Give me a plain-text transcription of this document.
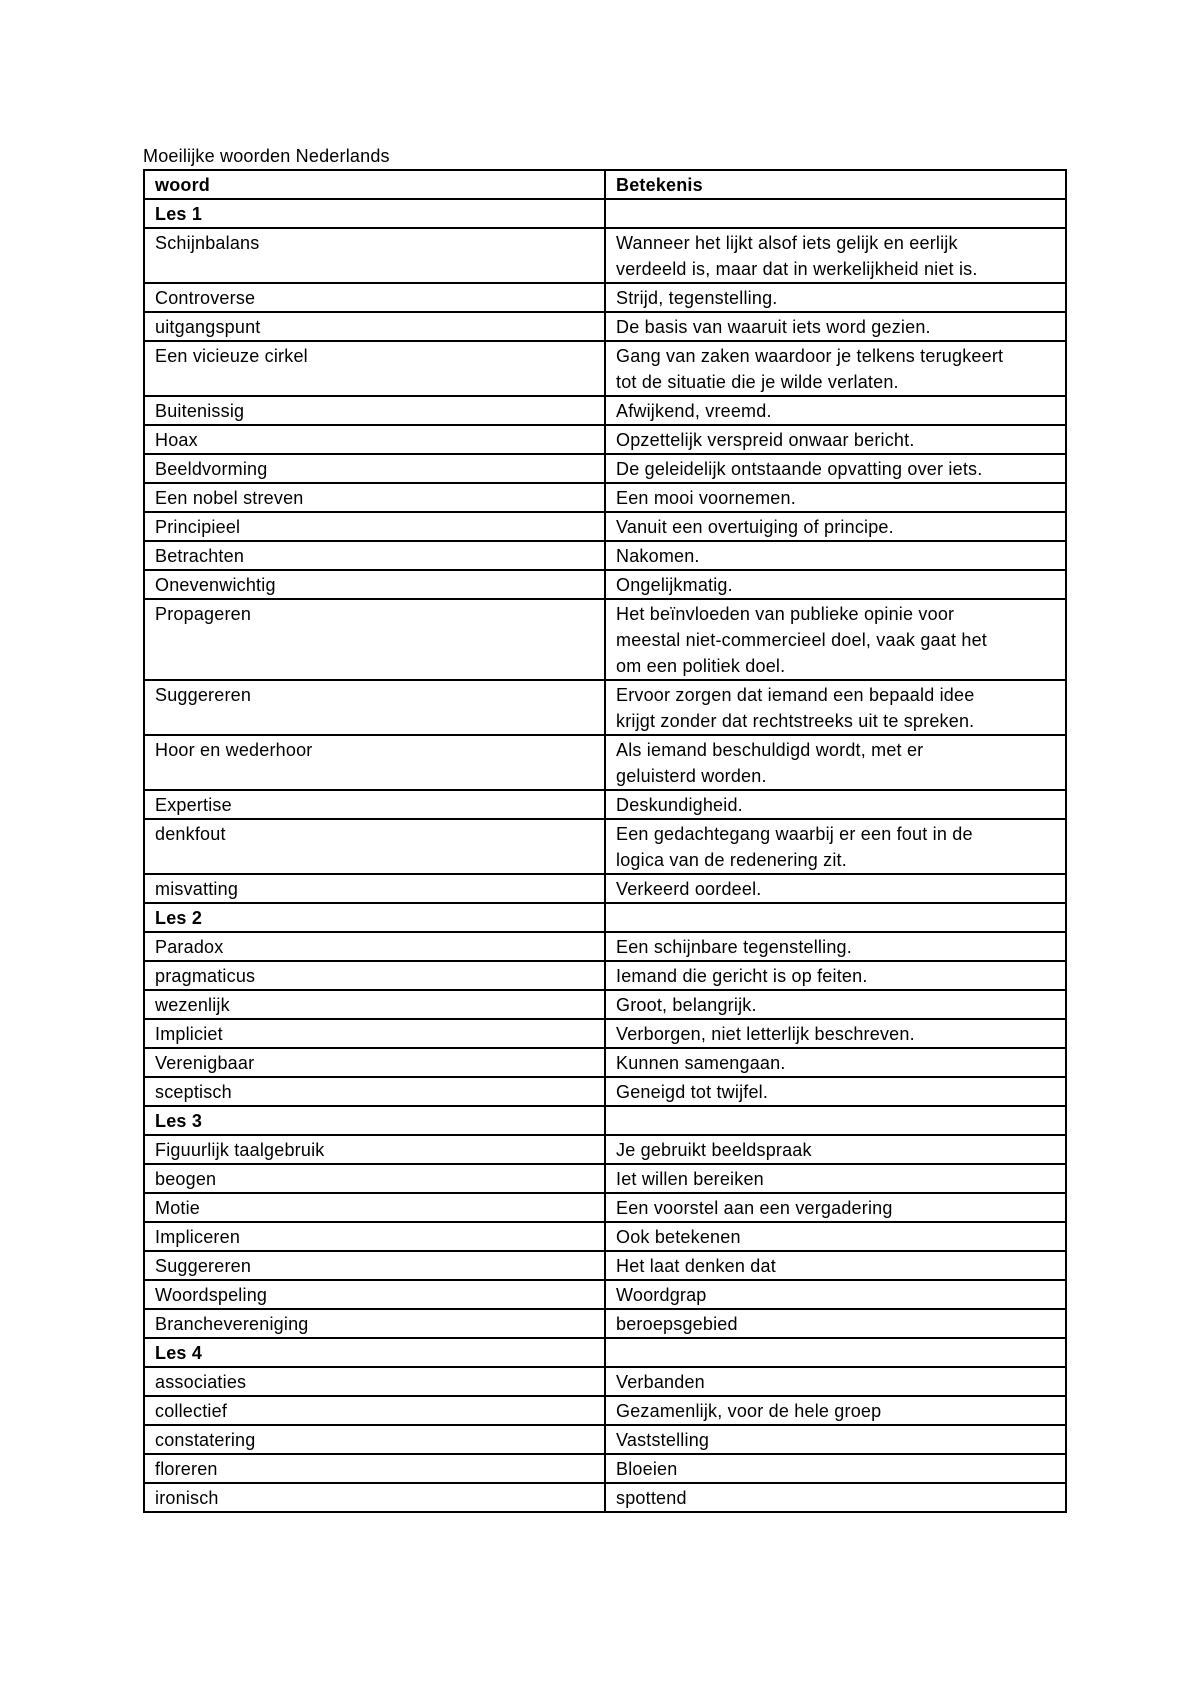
Moeilijke woorden Nederlands
woord	Betekenis
Les 1	
Schijnbalans	Wanneer het lijkt alsof iets gelijk en eerlijk
verdeeld is, maar dat in werkelijkheid niet is.
Controverse	Strijd, tegenstelling.
uitgangspunt	De basis van waaruit iets word gezien.
Een vicieuze cirkel	Gang van zaken waardoor je telkens terugkeert
tot de situatie die je wilde verlaten.
Buitenissig	Afwijkend, vreemd.
Hoax	Opzettelijk verspreid onwaar bericht.
Beeldvorming	De geleidelijk ontstaande opvatting over iets.
Een nobel streven	Een mooi voornemen.
Principieel	Vanuit een overtuiging of principe.
Betrachten	Nakomen.
Onevenwichtig	Ongelijkmatig.
Propageren	Het beïnvloeden van publieke opinie voor
meestal niet-commercieel doel, vaak gaat het
om een politiek doel.
Suggereren	Ervoor zorgen dat iemand een bepaald idee
krijgt zonder dat rechtstreeks uit te spreken.
Hoor en wederhoor	Als iemand beschuldigd wordt, met er
geluisterd worden.
Expertise	Deskundigheid.
denkfout	Een gedachtegang waarbij er een fout in de
logica van de redenering zit.
misvatting	Verkeerd oordeel.
Les 2	
Paradox	Een schijnbare tegenstelling.
pragmaticus	Iemand die gericht is op feiten.
wezenlijk	Groot, belangrijk.
Impliciet	Verborgen, niet letterlijk beschreven.
Verenigbaar	Kunnen samengaan.
sceptisch	Geneigd tot twijfel.
Les 3	
Figuurlijk taalgebruik	Je gebruikt beeldspraak
beogen	Iet willen bereiken
Motie	Een voorstel aan een vergadering
Impliceren	Ook betekenen
Suggereren	Het laat denken dat
Woordspeling	Woordgrap
Branchevereniging	beroepsgebied
Les 4	
associaties	Verbanden
collectief	Gezamenlijk, voor de hele groep
constatering	Vaststelling
floreren	Bloeien
ironisch	spottend
